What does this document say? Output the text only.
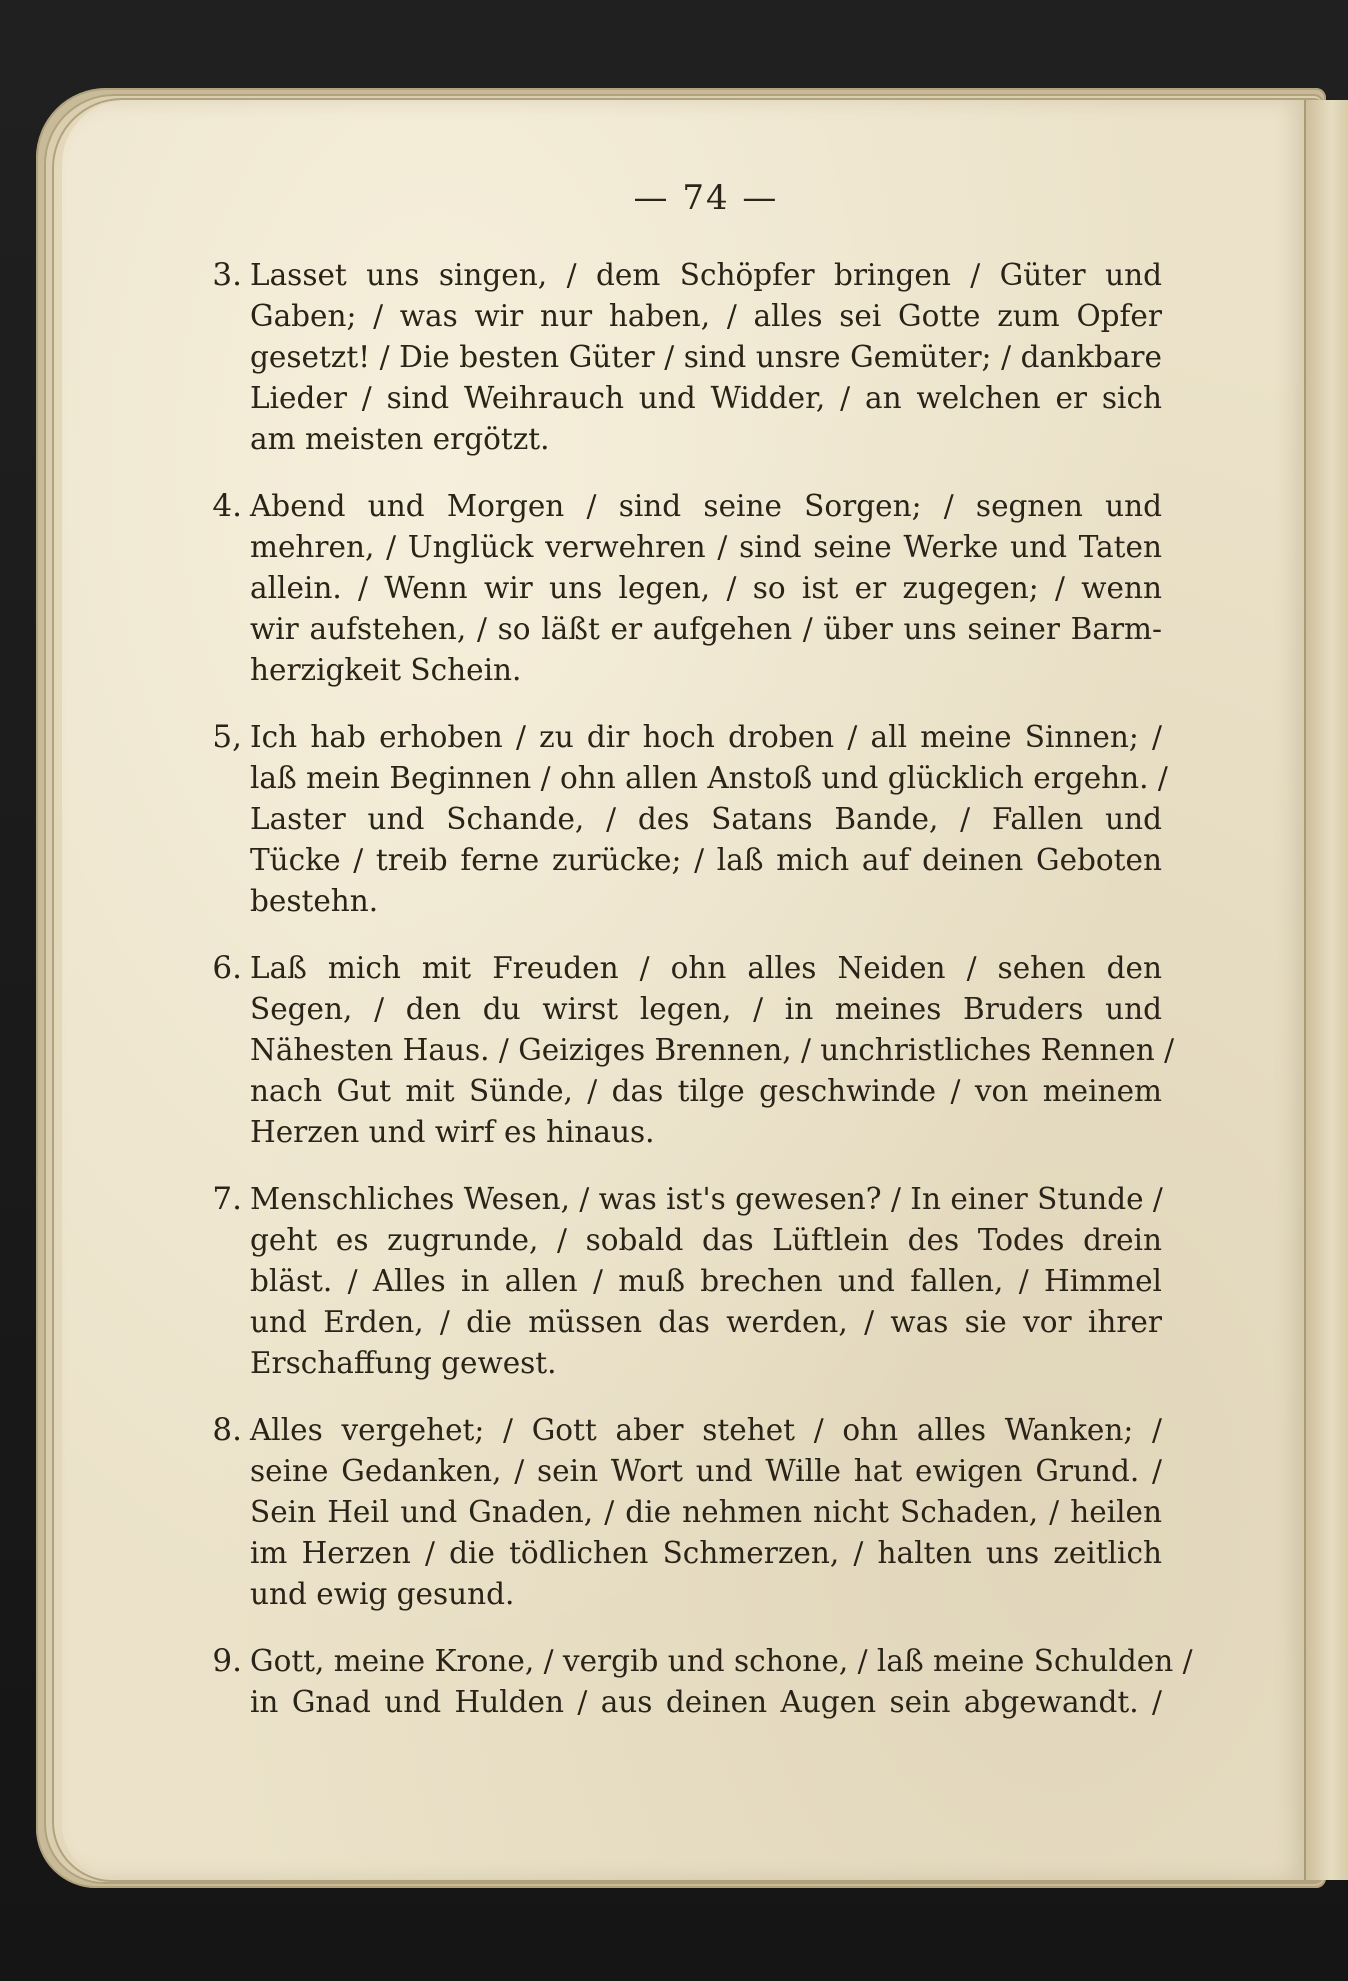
— 74 —
3. Lasset uns singen, / dem Schöpfer bringen / Güter und
Gaben; / was wir nur haben, / alles sei Gotte zum Opfer
gesetzt! / Die besten Güter / sind unsre Gemüter; / dankbare
Lieder / sind Weihrauch und Widder, / an welchen er sich
am meisten ergötzt.
4. Abend und Morgen / sind seine Sorgen; / segnen und
mehren, / Unglück verwehren / sind seine Werke und Taten
allein. / Wenn wir uns legen, / so ist er zugegen; / wenn
wir aufstehen, / so läßt er aufgehen / über uns seiner Barm-
herzigkeit Schein.
5, Ich hab erhoben / zu dir hoch droben / all meine Sinnen; /
laß mein Beginnen / ohn allen Anstoß und glücklich ergehn. /
Laster und Schande, / des Satans Bande, / Fallen und
Tücke / treib ferne zurücke; / laß mich auf deinen Geboten
bestehn.
6. Laß mich mit Freuden / ohn alles Neiden / sehen den
Segen, / den du wirst legen, / in meines Bruders und
Nähesten Haus. / Geiziges Brennen, / unchristliches Rennen /
nach Gut mit Sünde, / das tilge geschwinde / von meinem
Herzen und wirf es hinaus.
7. Menschliches Wesen, / was ist's gewesen? / In einer Stunde /
geht es zugrunde, / sobald das Lüftlein des Todes drein
bläst. / Alles in allen / muß brechen und fallen, / Himmel
und Erden, / die müssen das werden, / was sie vor ihrer
Erschaffung gewest.
8. Alles vergehet; / Gott aber stehet / ohn alles Wanken; /
seine Gedanken, / sein Wort und Wille hat ewigen Grund. /
Sein Heil und Gnaden, / die nehmen nicht Schaden, / heilen
im Herzen / die tödlichen Schmerzen, / halten uns zeitlich
und ewig gesund.
9. Gott, meine Krone, / vergib und schone, / laß meine Schulden /
in Gnad und Hulden / aus deinen Augen sein abgewandt. /
